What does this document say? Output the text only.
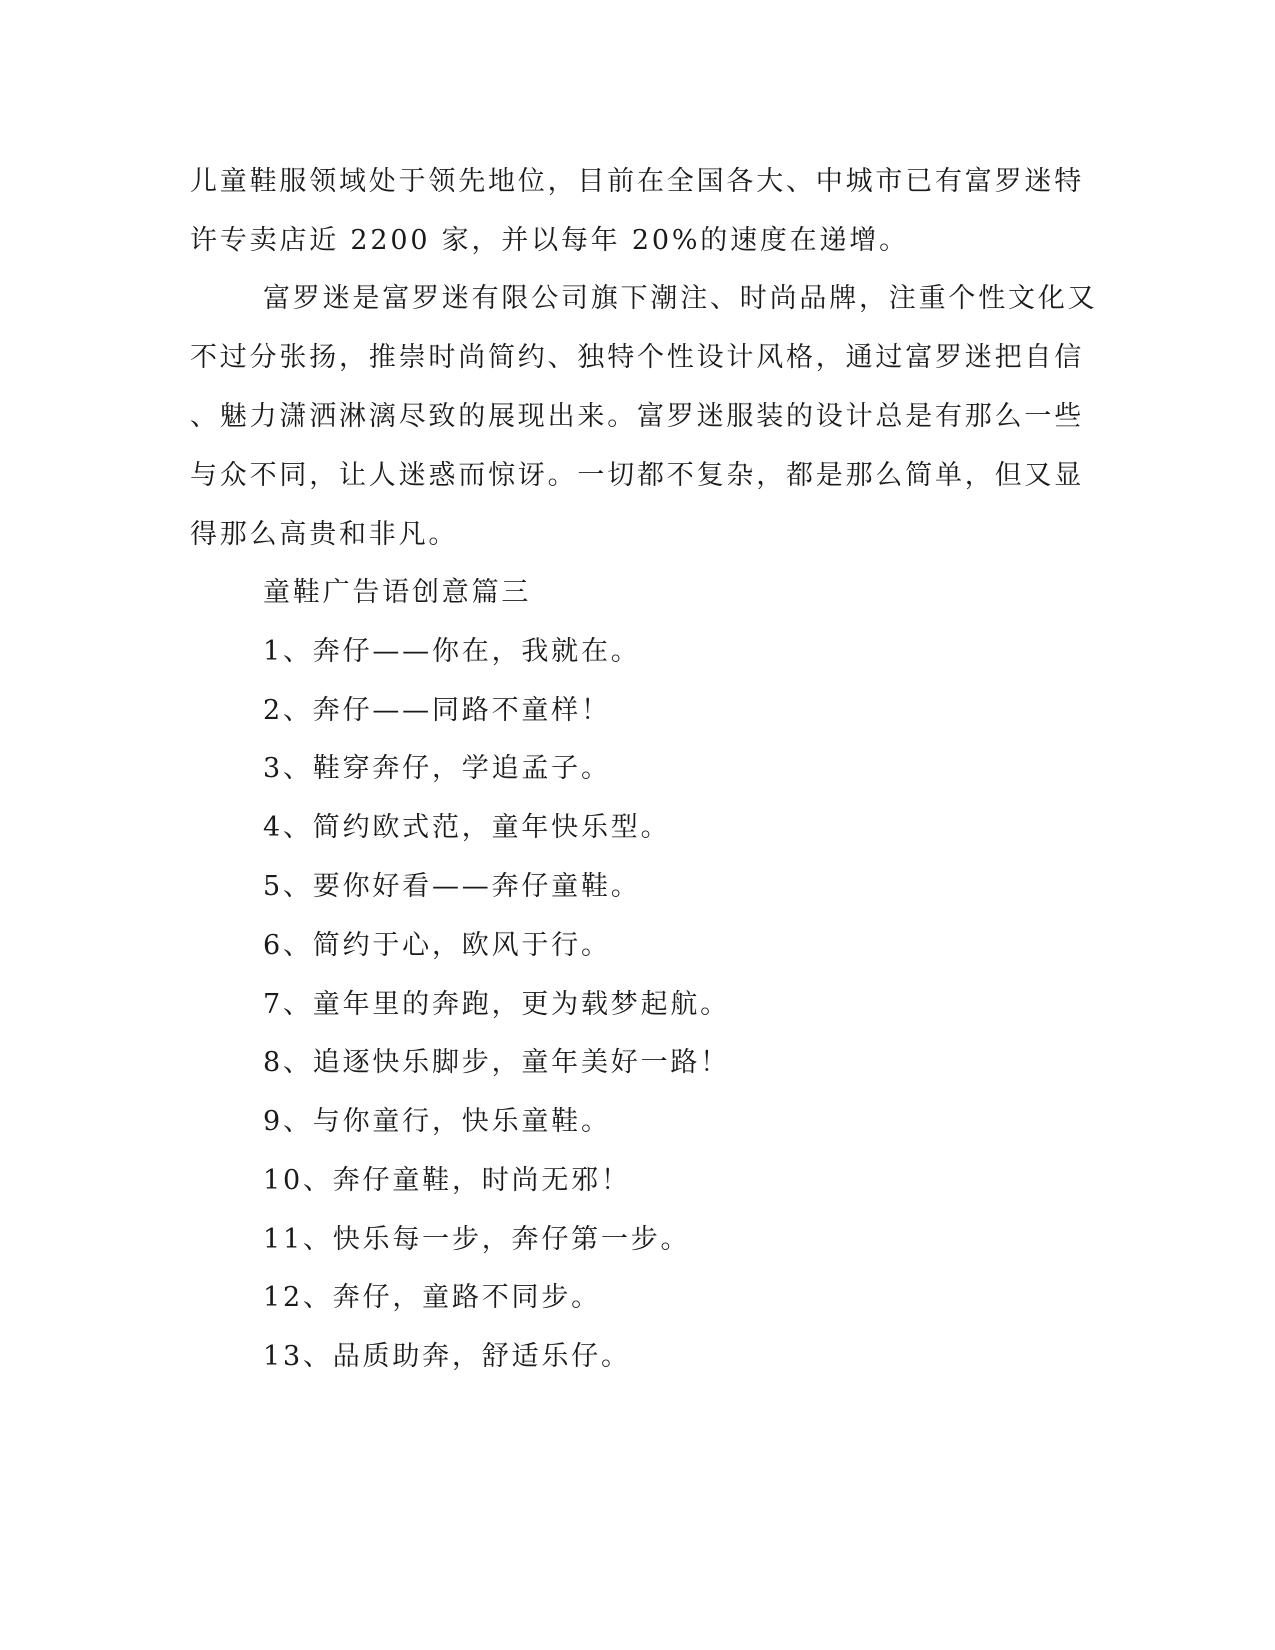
儿童鞋服领域处于领先地位，目前在全国各大、中城市已有富罗迷特
许专卖店近 2200 家，并以每年 20%的速度在递增。
富罗迷是富罗迷有限公司旗下潮注、时尚品牌，注重个性文化又
不过分张扬，推崇时尚简约、独特个性设计风格，通过富罗迷把自信
、魅力潇洒淋漓尽致的展现出来。富罗迷服装的设计总是有那么一些
与众不同，让人迷惑而惊讶。一切都不复杂，都是那么简单，但又显
得那么高贵和非凡。
童鞋广告语创意篇三
1、奔仔——你在，我就在。
2、奔仔——同路不童样！
3、鞋穿奔仔，学追孟子。
4、简约欧式范，童年快乐型。
5、要你好看——奔仔童鞋。
6、简约于心，欧风于行。
7、童年里的奔跑，更为载梦起航。
8、追逐快乐脚步，童年美好一路！
9、与你童行，快乐童鞋。
10、奔仔童鞋，时尚无邪！
11、快乐每一步，奔仔第一步。
12、奔仔，童路不同步。
13、品质助奔，舒适乐仔。
